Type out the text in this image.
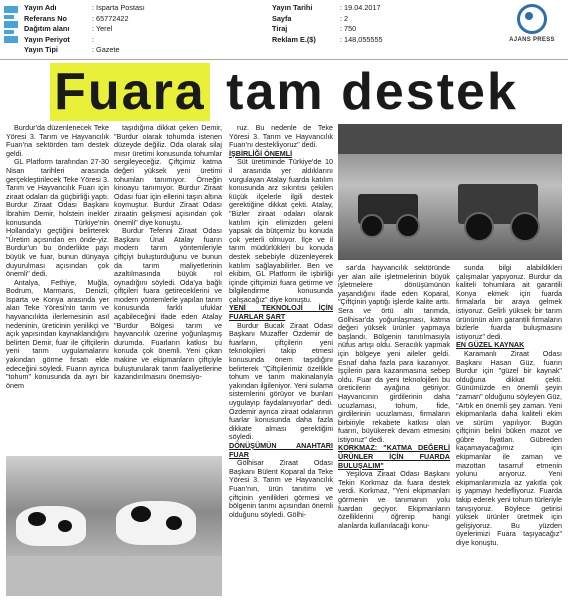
Yayın Adı	: Isparta Postası
Referans No	: 65772422
Dağıtım alanı	: Yerel
Yayın Periyot	:
Yayın Tipi	: Gazete
Yayın Tarihi	: 19.04.2017
Sayfa	: 2
Tiraj	: 750
Reklam E.($)	: 148,055555	AJANS PRESS
Fuara tam destek

Burdur'da düzenlenecek Teke Yöresi 3. Tarım ve Hayvancılık Fuarı'na sektörden tam destek geldi.

GL Platform tarafından 27-30 Nisan tarihleri arasında gerçekleştirilecek Teke Yöresi 3. Tarım ve Hayvancılık Fuarı için ziraat odaları da güçbirliği yaptı. Burdur Ziraat Odası Başkanı İbrahim Demir, holstein inekler konusunda Türkiye'nin Hollanda'yı geçtiğini belirterek "Üretim açısından en önde-yiz. Burdur'un bu önderlikte payı büyük ve fuar, bunun dünyaya duyurulması açısından çok önemli" dedi.

Antalya, Fethiye, Muğla, Bodrum, Marmaris, Denizli, Isparta ve Konya arasında yer alan Teke Yöresi'nin tarım ve hayvancılıkta ilerlemesinin asıl nedeninin, üreticinin yenilikçi ve açık yapısından kaynaklandığını belirten Demir, fuar ile çiftçilerin yeni tarım uygulamalarını yakından görme fırsatı elde edeceğini söyledi. Fuarın ayrıca "tohum" konusunda da ayrı bir önem

taşıdığına dikkat çeken Demir, "Burdur olarak tohumda istenen düzeyde değiliz. Oda olarak silaj mısır üretimi konusunda tohumlar sergileyeceğiz. Çiftçimiz katma değeri yüksek yeni üretimi tohumları tanımıyor. Örneğin kinoayu tanımıyor. Burdur Ziraat Odası fuar için ellerini taşın altına koymuştur. Burdur Ziraat Odası ziraatin gelişmesi açısından çok önemli" diye konuştu.

Burdur Tefenni Ziraat Odası Başkanı Ünal Atalay fuarın modern tarım yöntemleriyle çiftçiyi buluşturduğunu ve bunun da tarım maliyetlerinin azaltılmasında büyük rol oynadığını söyledi. Oda'ya bağlı çiftçileri fuara getireceklerini ve modern yöntemlerle yapılan tarım konusunda farklı ufuklar açabileceğini ifade eden Atalay "Burdur Bölgesi tarım ve hayvancılık üzerine yoğunlaşmış durumda. Fuarların katkısı bu konuda çok önemli. Yeni çıkan makine ve ekipmanların çiftçiyle buluşturularak tarım faaliyetlerine kazandırılmasını önemsiyo-

ruz. Bu nedenle de Teke Yöresi 3. Tarım ve Hayvancılık Fuarı'nı destekliyoruz" dedi.

İŞBİRLİĞİ ÖNEMLİ

Süt üretiminde Türkiye'de 10 il arasında yer aldıklarını vurgulayan Atalay fuarda katılım konusunda arz sıkıntısı çekilen küçük ilçelerle ilgili destek gerektiğine dikkat çekti. Atalay, "Bizler ziraat odaları olarak katılım için elimizden geleni yapsak da bütçemiz bu konuda çok yeterli olmuyor. İlçe ve il tarım müdürlükleri bu konuda destek sebebiyle düzenleyerek katılım sağlayabilirler. Ben ve ekibim, GL Platform ile işbirliği içinde çiftçimizi fuara getirme ve bilgilendirme konusunda çalışacağız" diye konuştu.

YENİ TEKNOLOJİ İÇİN FUARLAR ŞART

Burdur Bucak Ziraat Odası Başkanı Muzaffer Özdemir de fuarların, çiftçilerin yeni teknolojileri takip etmesi konusunda önem taşıdığını belirterek "Çiftçilerimiz özellikle tohum ve tarım makinalarıyla yakından ilgileniyor. Yeni sulama sistemlerini görüyor ve bunları uygulayıp faydalanıyorlar" dedi. Özdemir ayrıca ziraat odalarının fuarlar konusunda daha fazla dikkate alması gerektiğini söyledi.

DÖNÜŞÜMÜN ANAHTARI FUAR

Gölhisar Ziraat Odası Başkanı Bülent Koparal da Teke Yöresi 3. Tarım ve Hayvancılık Fuarı'nın, ürün tanıtımı ve çiftçinin yenilikleri görmesi ve bölgenin tarımı açısından önemli olduğunu söyledi. Gölhi-

sar'da hayvancılık sektöründe yer alan aile işletmelerinin büyük işletmelere dönüşümünün yaşandığını ifade eden Koparal, "Çiftçinin yaptığı işlerde kalite arttı. Sera ve örtü altı tarımda, Gölhisar'da yoğunlaşması, katma değeri yüksek ürünler yapmaya başlandı. Bölgenin tanıtılmasıyla nüfus artışı oldu. Seracılık yapmak için bölgeye yeni aileler geldi. Esnaf daha fazla para kazanıyor. İşçilerin para kazanmasına sebep oldu. Fuar da yeni teknolojileri bu üreticilerin ayağına getiriyor. Hayvancının girdilerinin daha ucuzlaması, tohum, fide, girdilerinin ucuzlaması, firmaların birbiriyle rekabete katkısı olan fuarın, büyükerek devam etmesini istiyoruz" dedi.

KORKMAZ: "KATMA DEĞERLİ ÜRÜNLER İÇİN FUARDA BULUŞALIM"

Yeşilova Ziraat Odası Başkanı Tekin Korkmaz da fuara destek verdi. Korkmaz, "Yeni ekipmanları görmenin ve tanımanın yolu fuardan geçiyor. Ekipmanların özelliklerini öğrenip hangi alanlarda kullanılacağı konu-

sunda bilgi alabildikleri çalışmalar yapıyoruz. Burdur da kaliteli tohumlara ait garantili Konya ekmek için fuarda firmalarla bir araya gelmek istiyoruz. Gelirli yüksek bir tarım ürününün alım garantili firmaların bizlerle fuarda buluşmasını istiyoruz" dedi.

EN GÜZEL KAYNAK

Karamanlı Ziraat Odası Başkanı Hasan Güz, fuarın Burdur için "güzel bir kaynak" olduğuna dikkat çekti. Günümüzde en önemli şeyin "zaman" olduğunu söyleyen Güz, "Artık en önemli şey zaman. Yeni ekipmanlarla daha kaliteli ekim ve sürüm yapılıyor. Bugün çiftçinin belini büken mazot ve gübre fiyatları. Gübreden kaçamayacağımız için ekipmanlar ile zaman ve mazottan tasarruf etmenin yolunu arıyoruz. Yeni ekipmanlarımızla az yakıtla çok iş yapmayı hedefliyoruz. Fuarda takip ederek yeni tohum türleriyle tanışıyoruz. Böylece getirisi yüksek ürünler üretmek için gelişiyoruz. Bu yüzden üyelerimizi Fuara taşıyacağız" diye konuştu.
